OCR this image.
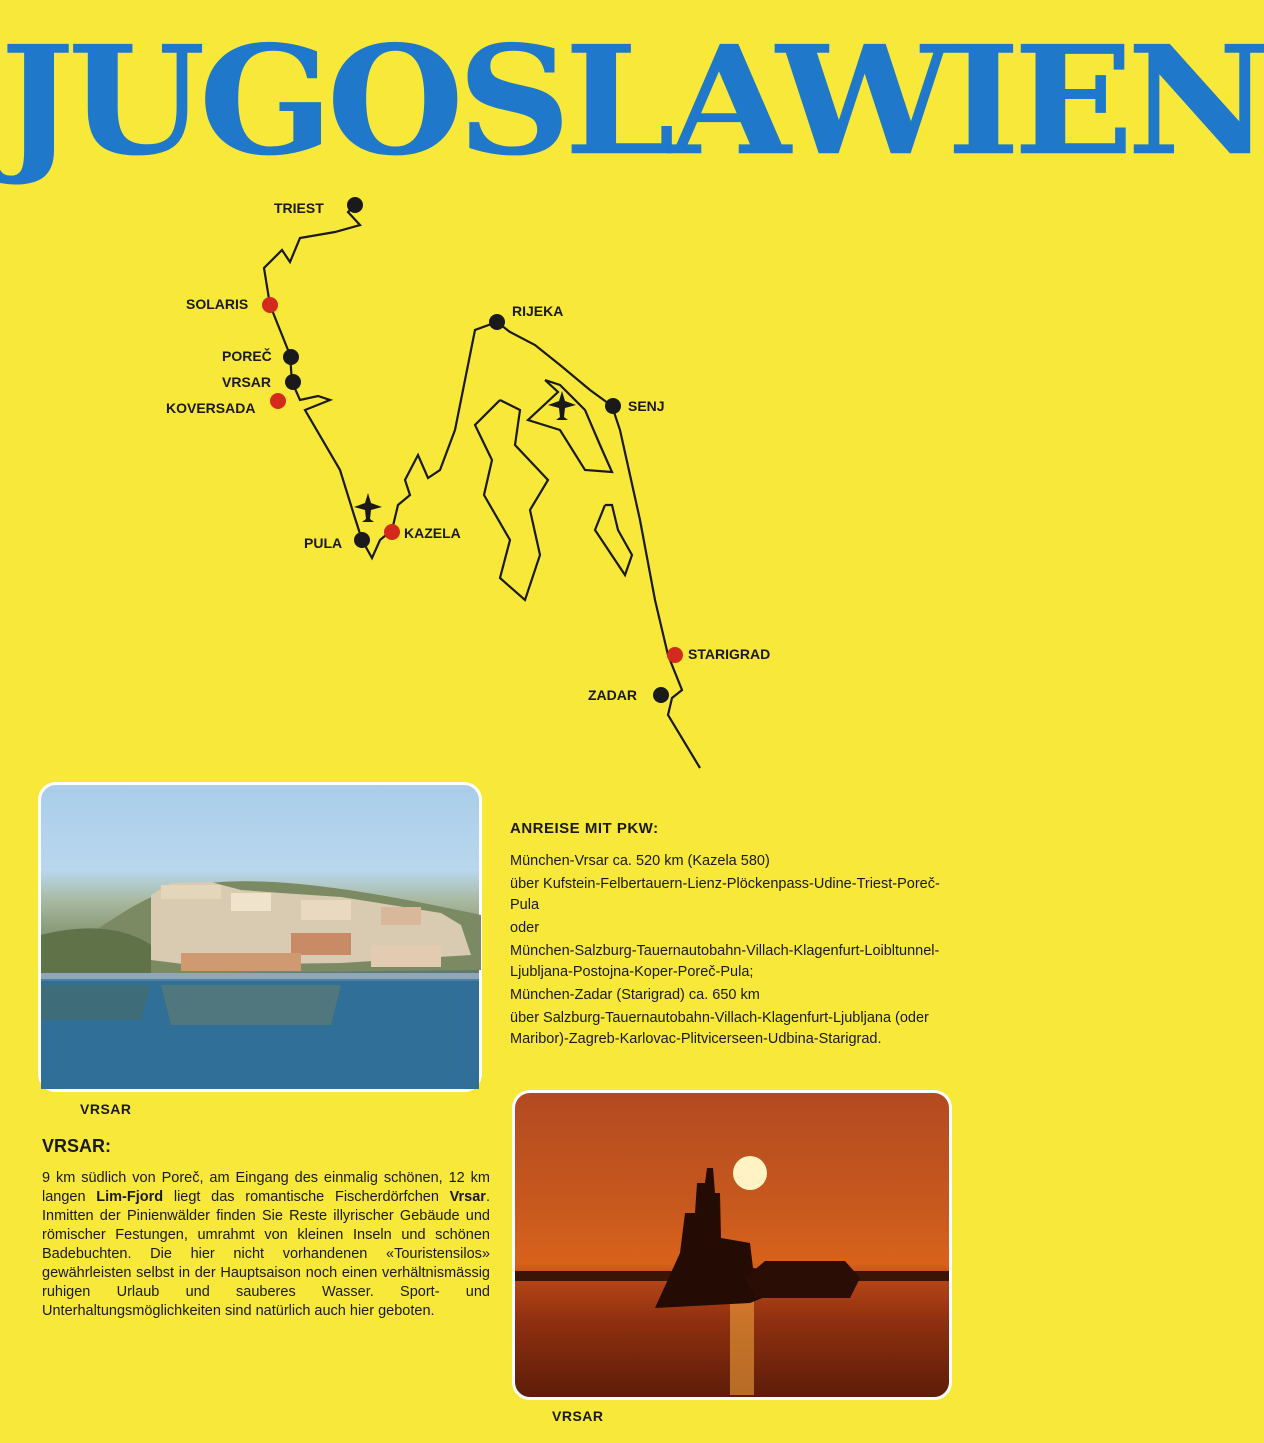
JUGOSLAWIEN
TRIEST
SOLARIS
POREČ
VRSAR
KOVERSADA
PULA
KAZELA
RIJEKA
SENJ
STARIGRAD
ZADAR
VRSAR
ANREISE MIT PKW:

München-Vrsar ca. 520 km (Kazela 580)

über Kufstein-Felbertauern-Lienz-Plöckenpass-Udine-Triest-Poreč-Pula

oder

München-Salzburg-Tauernautobahn-Villach-Klagenfurt-Loibltunnel-Ljubljana-Postojna-Koper-Poreč-Pula;

München-Zadar (Starigrad) ca. 650 km

über Salzburg-Tauernautobahn-Villach-Klagenfurt-Ljubljana (oder Maribor)-Zagreb-Karlovac-Plitvicerseen-Udbina-Starigrad.

VRSAR:

9 km südlich von Poreč, am Eingang des einmalig schönen, 12 km langen Lim-Fjord liegt das romantische Fischerdörfchen Vrsar. Inmitten der Pinienwälder finden Sie Reste illyrischer Gebäude und römischer Festungen, umrahmt von kleinen Inseln und schönen Badebuchten. Die hier nicht vorhandenen «Touristensilos» gewährleisten selbst in der Hauptsaison noch einen verhältnismässig ruhigen Urlaub und sauberes Wasser. Sport- und Unterhaltungsmöglichkeiten sind natürlich auch hier geboten.

VRSAR
